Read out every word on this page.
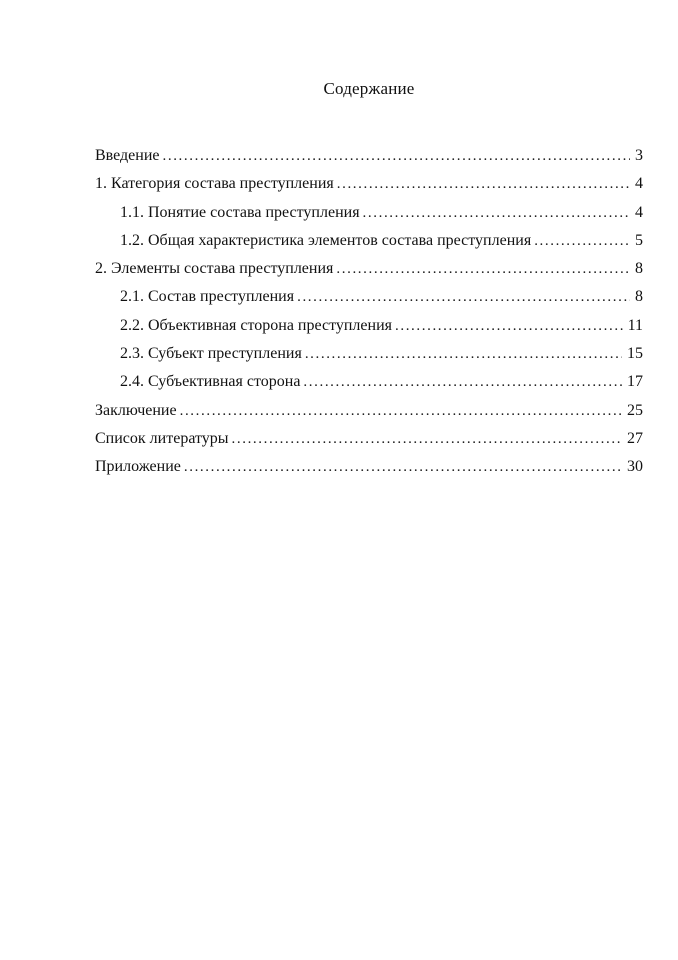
Содержание
Введение .....	3
1. Категория состава преступления .....	4
1.1. Понятие состава преступления .....	4
1.2. Общая характеристика элементов состава преступления .....	5
2. Элементы состава преступления .....	8
2.1. Состав преступления .....	8
2.2. Объективная сторона преступления .....	11
2.3. Субъект преступления .....	15
2.4. Субъективная сторона .....	17
Заключение .....	25
Список литературы .....	27
Приложение .....	30
